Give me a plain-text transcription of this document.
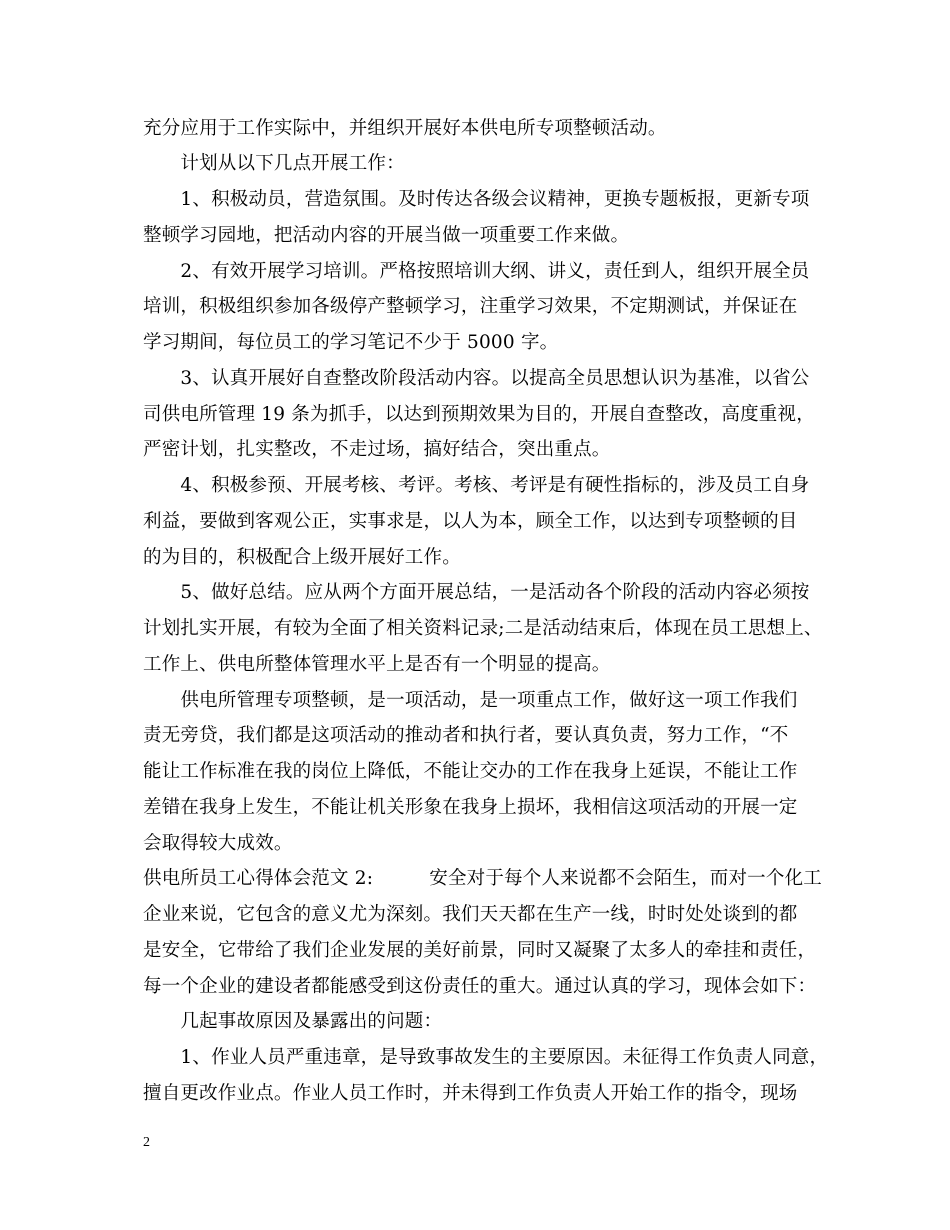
充分应用于工作实际中，并组织开展好本供电所专项整顿活动。
　　计划从以下几点开展工作：
　　1、积极动员，营造氛围。及时传达各级会议精神，更换专题板报，更新专项
整顿学习园地，把活动内容的开展当做一项重要工作来做。
　　2、有效开展学习培训。严格按照培训大纲、讲义，责任到人，组织开展全员
培训，积极组织参加各级停产整顿学习，注重学习效果，不定期测试，并保证在
学习期间，每位员工的学习笔记不少于 5000 字。
　　3、认真开展好自查整改阶段活动内容。以提高全员思想认识为基准，以省公
司供电所管理 19 条为抓手，以达到预期效果为目的，开展自查整改，高度重视，
严密计划，扎实整改，不走过场，搞好结合，突出重点。
　　4、积极参预、开展考核、考评。考核、考评是有硬性指标的，涉及员工自身
利益，要做到客观公正，实事求是，以人为本，顾全工作，以达到专项整顿的目
的为目的，积极配合上级开展好工作。
　　5、做好总结。应从两个方面开展总结，一是活动各个阶段的活动内容必须按
计划扎实开展，有较为全面了相关资料记录;二是活动结束后，体现在员工思想上、
工作上、供电所整体管理水平上是否有一个明显的提高。
　　供电所管理专项整顿，是一项活动，是一项重点工作，做好这一项工作我们
责无旁贷，我们都是这项活动的推动者和执行者，要认真负责，努力工作，“不
能让工作标准在我的岗位上降低，不能让交办的工作在我身上延误，不能让工作
差错在我身上发生，不能让机关形象在我身上损坏，我相信这项活动的开展一定
会取得较大成效。
供电所员工心得体会范文 2:　　　安全对于每个人来说都不会陌生，而对一个化工
企业来说，它包含的意义尤为深刻。我们天天都在生产一线，时时处处谈到的都
是安全，它带给了我们企业发展的美好前景，同时又凝聚了太多人的牵挂和责任，
每一个企业的建设者都能感受到这份责任的重大。通过认真的学习，现体会如下：
　　几起事故原因及暴露出的问题：
　　1、作业人员严重违章，是导致事故发生的主要原因。未征得工作负责人同意，
擅自更改作业点。作业人员工作时，并未得到工作负责人开始工作的指令，现场
2
